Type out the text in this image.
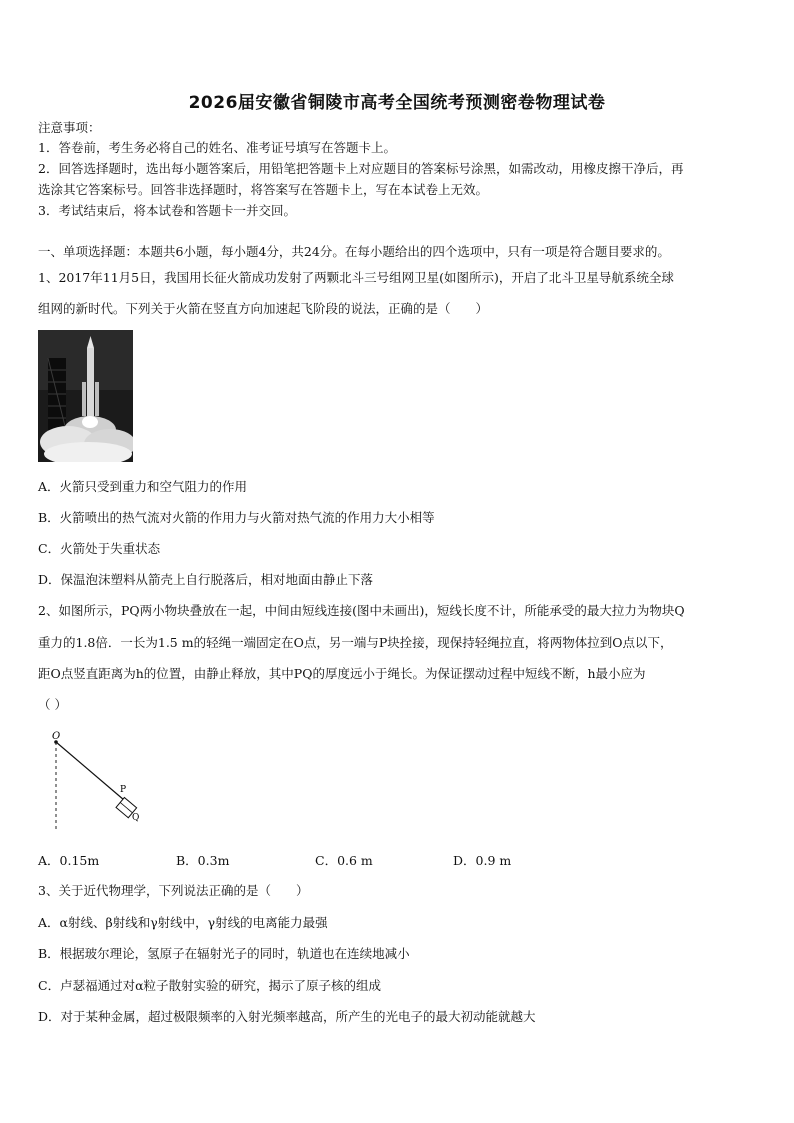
2026届安徽省铜陵市高考全国统考预测密卷物理试卷
注意事项：
1．答卷前，考生务必将自己的姓名、准考证号填写在答题卡上。
2．回答选择题时，选出每小题答案后，用铅笔把答题卡上对应题目的答案标号涂黑，如需改动，用橡皮擦干净后，再
选涂其它答案标号。回答非选择题时，将答案写在答题卡上，写在本试卷上无效。
3．考试结束后，将本试卷和答题卡一并交回。
一、单项选择题：本题共6小题，每小题4分，共24分。在每小题给出的四个选项中，只有一项是符合题目要求的。
1、2017年11月5日，我国用长征火箭成功发射了两颗北斗三号组网卫星(如图所示)，开启了北斗卫星导航系统全球
组网的新时代。下列关于火箭在竖直方向加速起飞阶段的说法，正确的是（　　）
A．火箭只受到重力和空气阻力的作用
B．火箭喷出的热气流对火箭的作用力与火箭对热气流的作用力大小相等
C．火箭处于失重状态
D．保温泡沫塑料从箭壳上自行脱落后，相对地面由静止下落
2、如图所示，PQ两小物块叠放在一起，中间由短线连接(图中未画出)，短线长度不计，所能承受的最大拉力为物块Q
重力的1.8倍．一长为1.5 m的轻绳一端固定在O点，另一端与P块拴接，现保持轻绳拉直，将两物体拉到O点以下，
距O点竖直距离为h的位置，由静止释放，其中PQ的厚度远小于绳长。为保证摆动过程中短线不断，h最小应为
（ ）
O
P
Q
A．0.15m	B．0.3m	C．0.6 m	D．0.9 m
3、关于近代物理学，下列说法正确的是（　　）
A．α射线、β射线和γ射线中，γ射线的电离能力最强
B．根据玻尔理论，氢原子在辐射光子的同时，轨道也在连续地减小
C．卢瑟福通过对α粒子散射实验的研究，揭示了原子核的组成
D．对于某种金属，超过极限频率的入射光频率越高，所产生的光电子的最大初动能就越大
